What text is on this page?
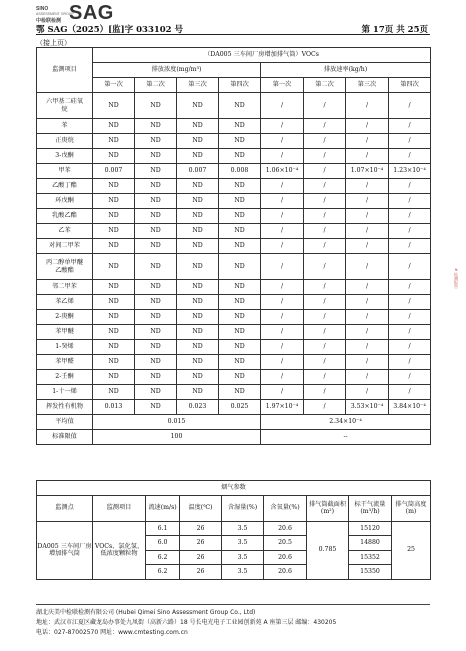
SINO
ASSESSMENT GROUP
中检联检测 SAG
鄂 SAG（2025）[监]字 033102 号	第 17页 共 25页
（接上页）
监测项目	（DA005 三车间厂房增加排气筒）VOCs							
	排放浓度(mg/m³)				排放速率(kg/h)			
	第一次	第二次	第三次	第四次	第一次	第二次	第三次	第四次
六甲基二硅氧烷	ND	ND	ND	ND	/	/	/	/
苯	ND	ND	ND	ND	/	/	/	/
正庚烷	ND	ND	ND	ND	/	/	/	/
3-戊酮	ND	ND	ND	ND	/	/	/	/
甲苯	0.007	ND	0.007	0.008	1.06×10⁻⁴	/	1.07×10⁻⁴	1.23×10⁻⁴
乙酸丁酯	ND	ND	ND	ND	/	/	/	/
环戊酮	ND	ND	ND	ND	/	/	/	/
乳酸乙酯	ND	ND	ND	ND	/	/	/	/
乙苯	ND	ND	ND	ND	/	/	/	/
对间二甲苯	ND	ND	ND	ND	/	/	/	/
丙二醇单甲醚乙酸酯	ND	ND	ND	ND	/	/	/	/
邻二甲苯	ND	ND	ND	ND	/	/	/	/
苯乙烯	ND	ND	ND	ND	/	/	/	/
2-庚酮	ND	ND	ND	ND	/	/	/	/
苯甲醚	ND	ND	ND	ND	/	/	/	/
1-癸烯	ND	ND	ND	ND	/	/	/	/
苯甲醛	ND	ND	ND	ND	/	/	/	/
2-壬酮	ND	ND	ND	ND	/	/	/	/
1-十一烯	ND	ND	ND	ND	/	/	/	/
挥发性有机物	0.013	ND	0.023	0.025	1.97×10⁻⁴	/	3.53×10⁻⁴	3.84×10⁻⁴
平均值	0.015				2.34×10⁻⁴			
标准限值	100				--			
烟气参数								
监测点	监测项目	流速(m/s)	温度(℃)	含湿量(%)	含氧量(%)	排气筒截面积(m²)	标干气流量(m³/h)	排气筒高度(m)
DA005 三车间厂房增加排气筒	VOCs、氯化氢、低浓度颗粒物	6.1	26	3.5	20.6	0.785	15120	25
		6.0	26	3.5	20.5		14880	
		6.2	26	3.5	20.6		15352	
		6.2	26	3.5	20.6		15350	
湖北庆美中检联检测有限公司 (Hubei Qimei Sino Assessment Group Co., Ltd)
地址：武汉市江夏区藏龙岛办事处九凤街（高新六路）18 号长电光电子工业园创新苑 A 座第三层 邮编：430205
电话：027-87002570 网址：www.cmtesting.com.cn
# 检测报告
